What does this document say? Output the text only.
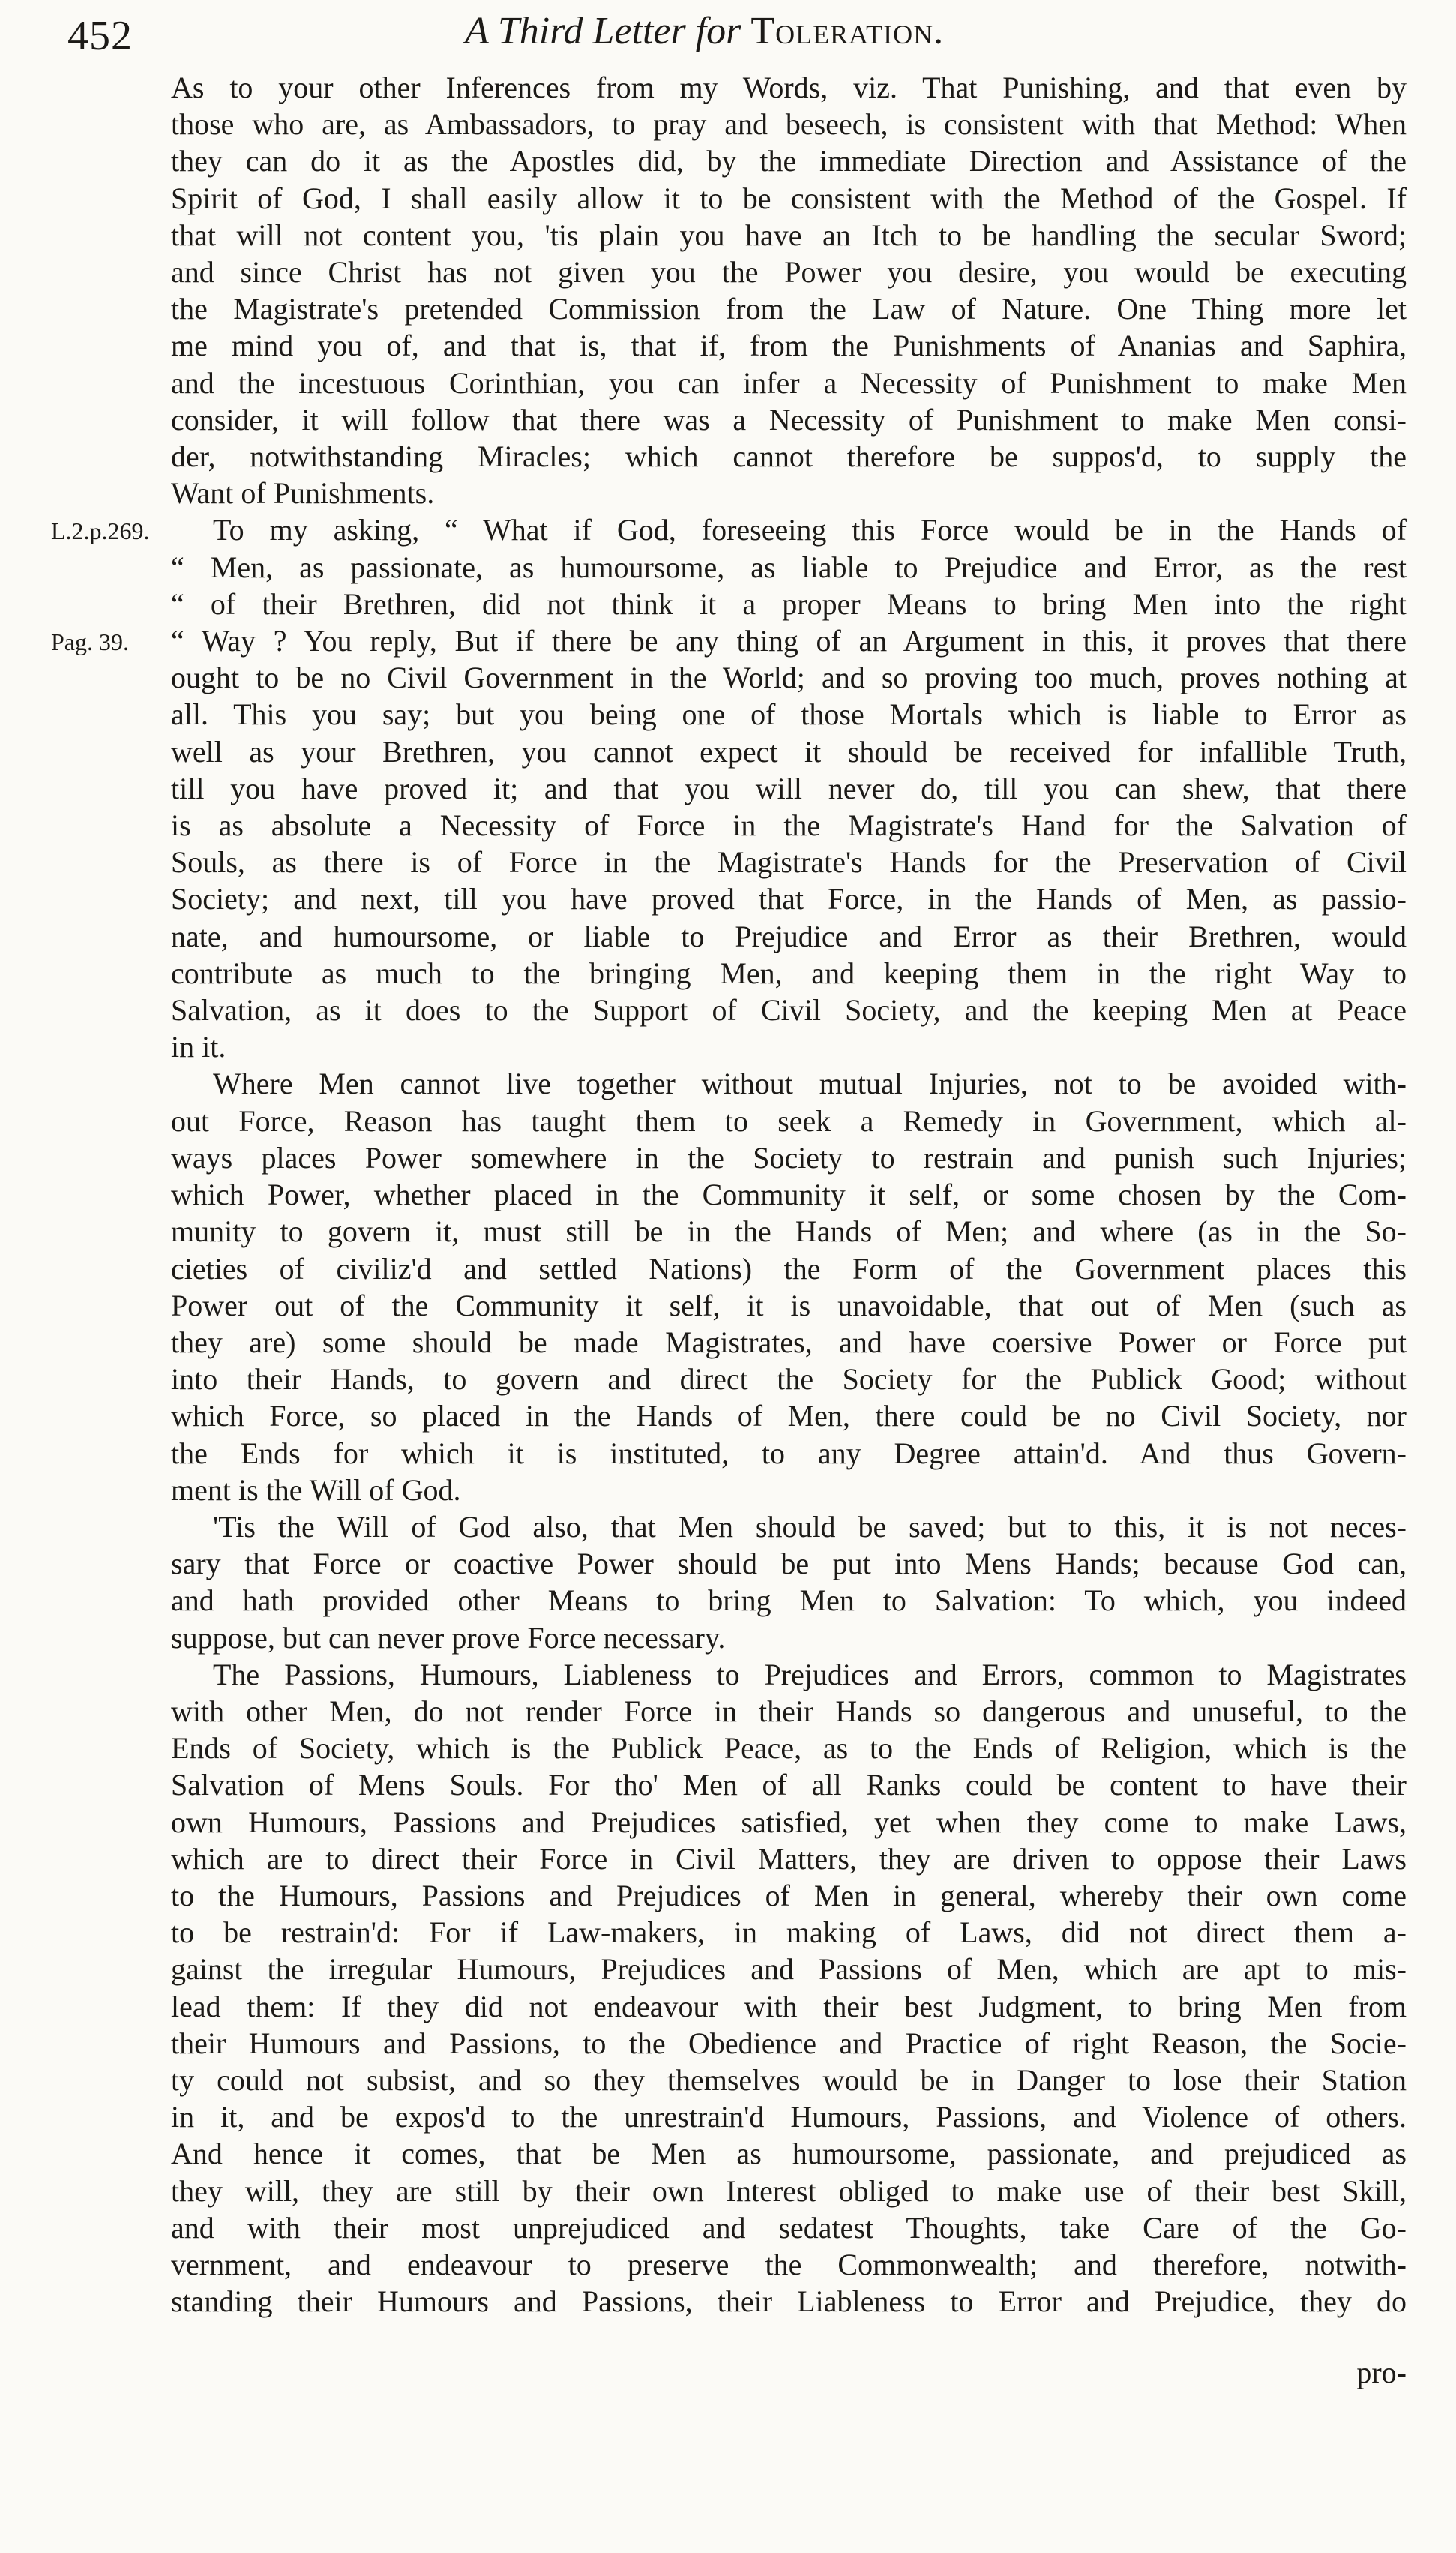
452	A Third Letter for Toleration.
L.2.p.269.
Pag. 39.

As to your other Inferences from my Words, viz. That Punishing, and that even by
those who are, as Ambassadors, to pray and beseech, is consistent with that Method: When
they can do it as the Apostles did, by the immediate Direction and Assistance of the
Spirit of God, I shall easily allow it to be consistent with the Method of the Gospel. If
that will not content you, 'tis plain you have an Itch to be handling the secular Sword;
and since Christ has not given you the Power you desire, you would be executing
the Magistrate's pretended Commission from the Law of Nature. One Thing more let
me mind you of, and that is, that if, from the Punishments of Ananias and Saphira,
and the incestuous Corinthian, you can infer a Necessity of Punishment to make Men
consider, it will follow that there was a Necessity of Punishment to make Men consi-
der, notwithstanding Miracles; which cannot therefore be suppos'd, to supply the
Want of Punishments.

To my asking, “ What if God, foreseeing this Force would be in the Hands of
“ Men, as passionate, as humoursome, as liable to Prejudice and Error, as the rest
“ of their Brethren, did not think it a proper Means to bring Men into the right
“ Way ? You reply, But if there be any thing of an Argument in this, it proves that there
ought to be no Civil Government in the World; and so proving too much, proves nothing at
all. This you say; but you being one of those Mortals which is liable to Error as
well as your Brethren, you cannot expect it should be received for infallible Truth,
till you have proved it; and that you will never do, till you can shew, that there
is as absolute a Necessity of Force in the Magistrate's Hand for the Salvation of
Souls, as there is of Force in the Magistrate's Hands for the Preservation of Civil
Society; and next, till you have proved that Force, in the Hands of Men, as passio-
nate, and humoursome, or liable to Prejudice and Error as their Brethren, would
contribute as much to the bringing Men, and keeping them in the right Way to
Salvation, as it does to the Support of Civil Society, and the keeping Men at Peace
in it.

Where Men cannot live together without mutual Injuries, not to be avoided with-
out Force, Reason has taught them to seek a Remedy in Government, which al-
ways places Power somewhere in the Society to restrain and punish such Injuries;
which Power, whether placed in the Community it self, or some chosen by the Com-
munity to govern it, must still be in the Hands of Men; and where (as in the So-
cieties of civiliz'd and settled Nations) the Form of the Government places this
Power out of the Community it self, it is unavoidable, that out of Men (such as
they are) some should be made Magistrates, and have coersive Power or Force put
into their Hands, to govern and direct the Society for the Publick Good; without
which Force, so placed in the Hands of Men, there could be no Civil Society, nor
the Ends for which it is instituted, to any Degree attain'd. And thus Govern-
ment is the Will of God.

'Tis the Will of God also, that Men should be saved; but to this, it is not neces-
sary that Force or coactive Power should be put into Mens Hands; because God can,
and hath provided other Means to bring Men to Salvation: To which, you indeed
suppose, but can never prove Force necessary.

The Passions, Humours, Liableness to Prejudices and Errors, common to Magistrates
with other Men, do not render Force in their Hands so dangerous and unuseful, to the
Ends of Society, which is the Publick Peace, as to the Ends of Religion, which is the
Salvation of Mens Souls. For tho' Men of all Ranks could be content to have their
own Humours, Passions and Prejudices satisfied, yet when they come to make Laws,
which are to direct their Force in Civil Matters, they are driven to oppose their Laws
to the Humours, Passions and Prejudices of Men in general, whereby their own come
to be restrain'd: For if Law-makers, in making of Laws, did not direct them a-
gainst the irregular Humours, Prejudices and Passions of Men, which are apt to mis-
lead them: If they did not endeavour with their best Judgment, to bring Men from
their Humours and Passions, to the Obedience and Practice of right Reason, the Socie-
ty could not subsist, and so they themselves would be in Danger to lose their Station
in it, and be expos'd to the unrestrain'd Humours, Passions, and Violence of others.
And hence it comes, that be Men as humoursome, passionate, and prejudiced as
they will, they are still by their own Interest obliged to make use of their best Skill,
and with their most unprejudiced and sedatest Thoughts, take Care of the Go-
vernment, and endeavour to preserve the Commonwealth; and therefore, notwith-
standing their Humours and Passions, their Liableness to Error and Prejudice, they do

pro-
